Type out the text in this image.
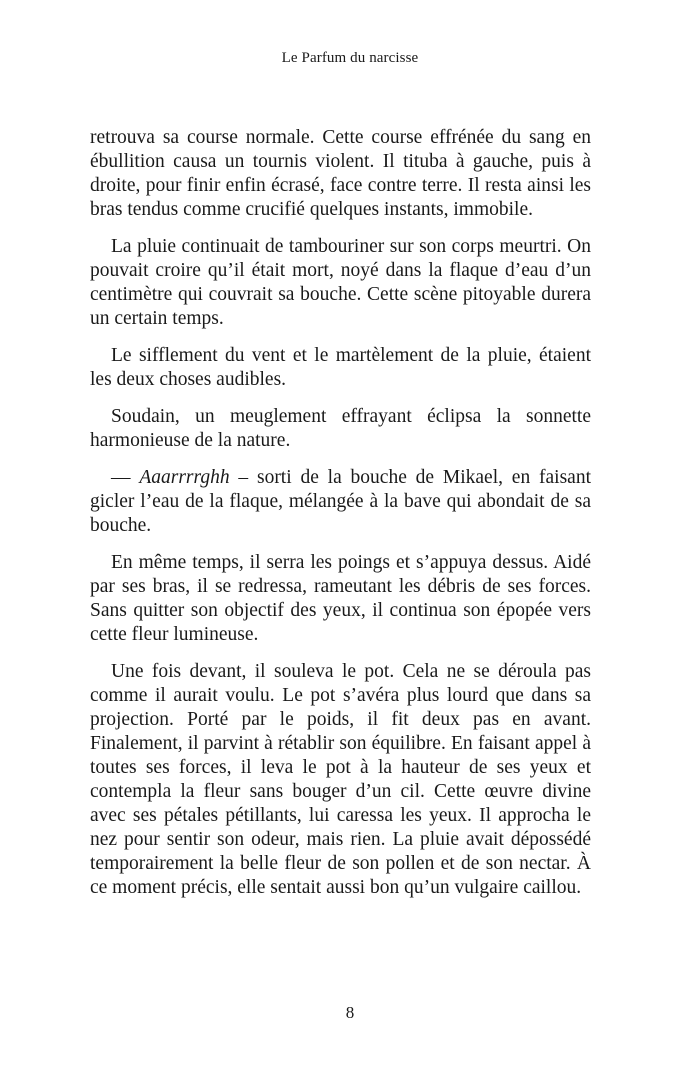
Le Parfum du narcisse

retrouva sa course normale. Cette course effrénée du sang en ébullition causa un tournis violent. Il tituba à gauche, puis à droite, pour finir enfin écrasé, face contre terre. Il resta ainsi les bras tendus comme crucifié quelques instants, immobile.

La pluie continuait de tambouriner sur son corps meurtri. On pouvait croire qu’il était mort, noyé dans la flaque d’eau d’un centimètre qui couvrait sa bouche. Cette scène pitoyable durera un certain temps.

Le sifflement du vent et le martèlement de la pluie, étaient les deux choses audibles.

Soudain, un meuglement effrayant éclipsa la sonnette harmonieuse de la nature.

— Aaarrrrghh – sorti de la bouche de Mikael, en faisant gicler l’eau de la flaque, mélangée à la bave qui abondait de sa bouche.

En même temps, il serra les poings et s’appuya dessus. Aidé par ses bras, il se redressa, rameutant les débris de ses forces. Sans quitter son objectif des yeux, il continua son épopée vers cette fleur lumineuse.

Une fois devant, il souleva le pot. Cela ne se déroula pas comme il aurait voulu. Le pot s’avéra plus lourd que dans sa projection. Porté par le poids, il fit deux pas en avant. Finalement, il parvint à rétablir son équilibre. En faisant appel à toutes ses forces, il leva le pot à la hauteur de ses yeux et contempla la fleur sans bouger d’un cil. Cette œuvre divine avec ses pétales pétillants, lui caressa les yeux. Il approcha le nez pour sentir son odeur, mais rien. La pluie avait dépossédé temporairement la belle fleur de son pollen et de son nectar. À ce moment précis, elle sentait aussi bon qu’un vulgaire caillou.

8
